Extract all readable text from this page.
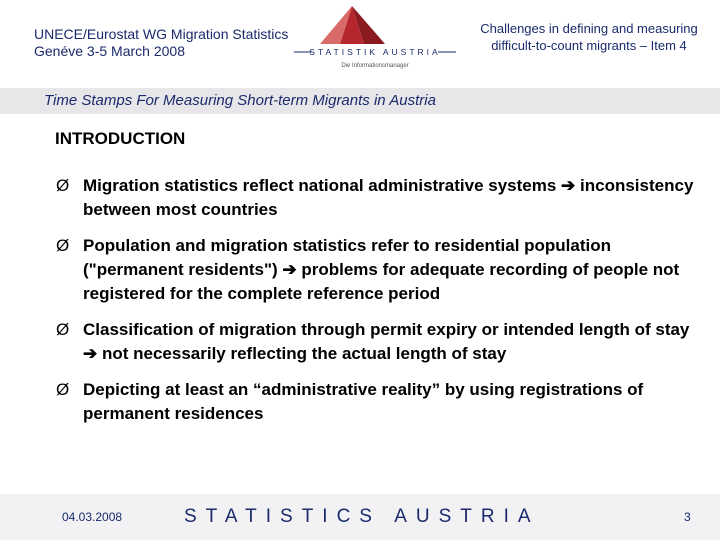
UNECE/Eurostat WG Migration Statistics
Genéve 3-5 March 2008	STATISTIK AUSTRIA
Die Informationsmanager
Challenges in defining and measuring
difficult-to-count migrants – Item 4
Time Stamps For Measuring Short-term Migrants in Austria
INTRODUCTION
Ø Migration statistics reflect national administrative systems ➔ inconsistency between most countries
Ø Population and migration statistics refer to residential population ("permanent residents") ➔ problems for adequate recording of people not registered for the complete reference period
Ø Classification of migration through permit expiry or intended length of stay ➔ not necessarily reflecting the actual length of stay
Ø Depicting at least an “administrative reality” by using registrations of permanent residences
04.03.2008	STATISTICS AUSTRIA	3
